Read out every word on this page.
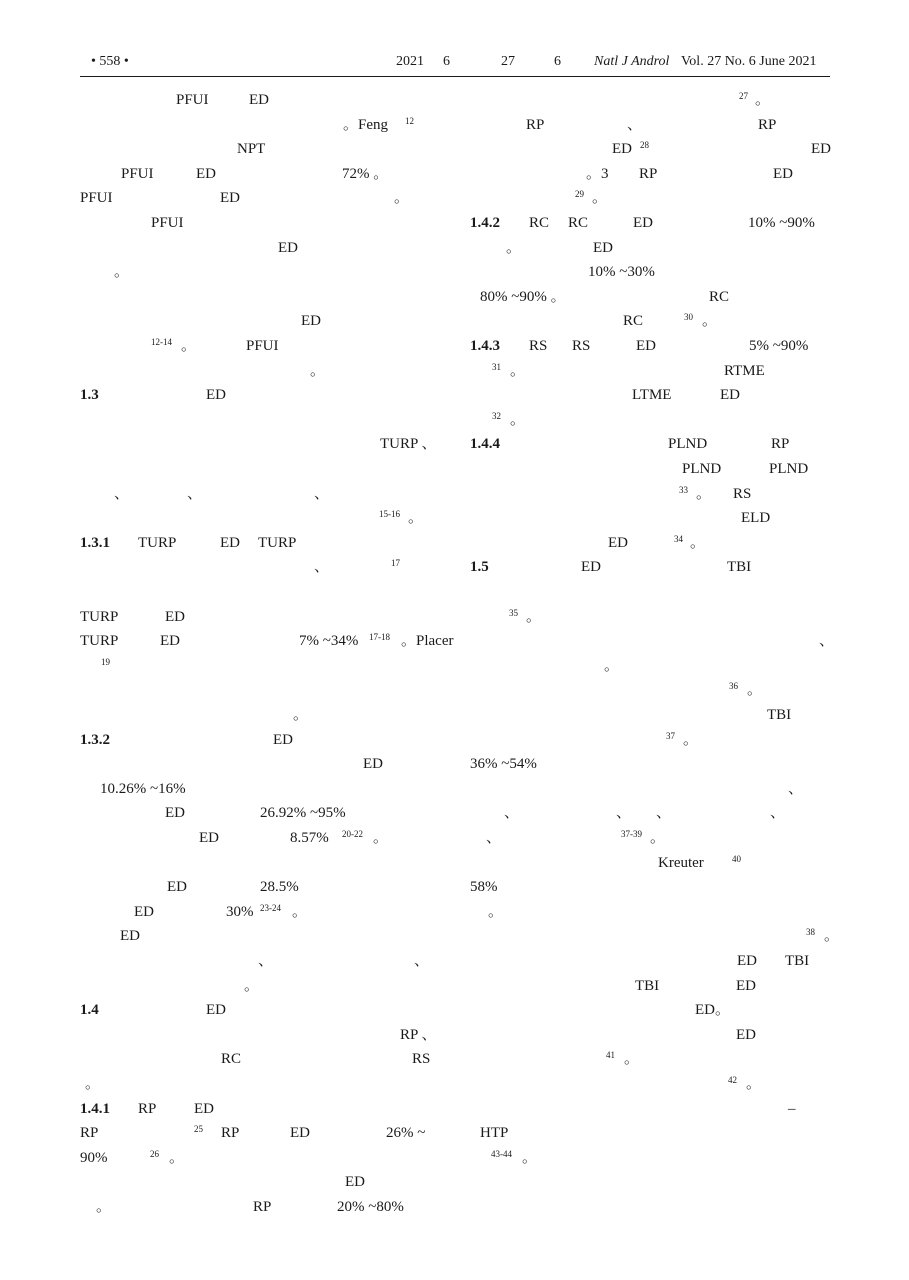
• 558 •	2021 6	27	6 Natl J Androl Vol. 27 No. 6 June 2021
PFUI	ED
。Feng 12
NPT
PFUI	ED	72% 。
PFUI	ED	。
PFUI
ED
。
ED
12-14 。	PFUI
。
1.3	ED
TURP 、
、	、	、
15-16 。
1.3.1 TURP	ED TURP
、	17
TURP	ED
TURP	ED	7% ~34% 17-18 。Placer
19
。
1.3.2	ED
ED
10.26% ~16%
ED	26.92% ~95%
ED	8.57% 20-22 。
ED	28.5%
ED	30% 23-24 。
ED
、	、
。
1.4	ED
RP 、
RC	RS
。
1.4.1 RP	ED
RP	25 RP	ED	26% ~
90%	26 。
ED
。	RP	20% ~80%
27 。
RP	、	RP
ED 28	ED
。3 RP	ED
29 。
1.4.2 RC RC	ED	10% ~90%
。	ED
10% ~30%
80% ~90% 。	RC
RC	30 。
1.4.3 RS RS	ED	5% ~90%
31 。	RTME
LTME	ED
32 。
1.4.4	PLND	RP
PLND	PLND
33 。 RS
ELD
ED	34 。
1.5	ED	TBI
35 。
、
。
36 。
TBI
37 。
36% ~54%
、
、	、 、	、
、	37-39 。
Kreuter	40
58%
。
38 。
ED TBI
TBI	ED
ED。
ED
41 。
42 。
–
HTP
43-44 。
